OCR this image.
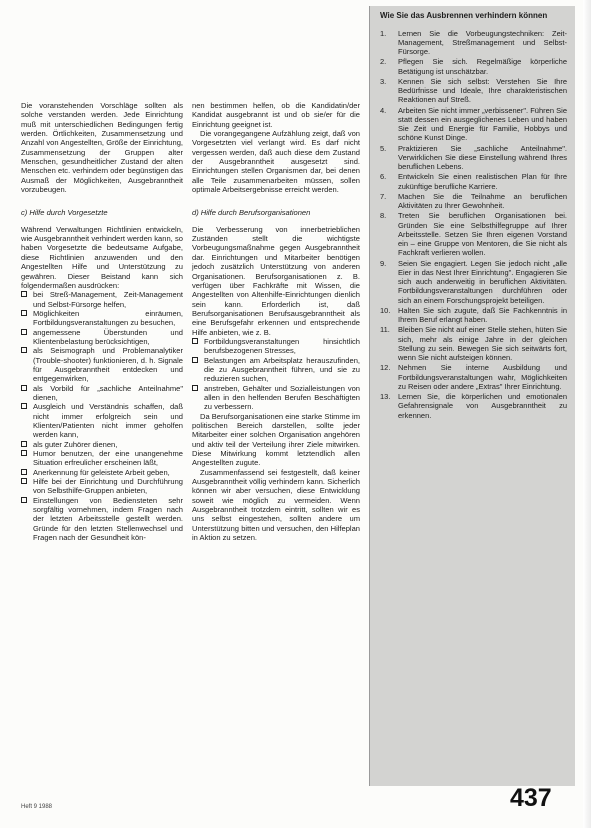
Die voranstehenden Vorschläge sollten als solche verstanden werden. Jede Einrichtung muß mit unterschiedlichen Bedingungen fertig werden. Örtlichkeiten, Zusammensetzung und Anzahl von Angestellten, Größe der Einrichtung, Zusammensetzung der Gruppen alter Menschen, gesundheitlicher Zustand der alten Menschen etc. verhindern oder begünstigen das Ausmaß der Möglichkeiten, Ausgebranntheit vorzubeugen.

c) Hilfe durch Vorgesetzte

Während Verwaltungen Richtlinien entwickeln, wie Ausgebranntheit verhindert werden kann, so haben Vorgesetzte die bedeutsame Aufgabe, diese Richtlinien anzuwenden und den Angestellten Hilfe und Unterstützung zu gewähren. Dieser Beistand kann sich folgendermaßen ausdrücken:

bei Streß-Management, Zeit-Management und Selbst-Fürsorge helfen,
Möglichkeiten einräumen, Fortbildungsveranstaltungen zu besuchen,
angemessene Überstunden und Klientenbelastung berücksichtigen,
als Seismograph und Problemanalytiker (Trouble-shooter) funktionieren, d. h. Signale für Ausgebranntheit entdecken und entgegenwirken,
als Vorbild für „sachliche Anteilnahme" dienen,
Ausgleich und Verständnis schaffen, daß nicht immer erfolgreich sein und Klienten/Patienten nicht immer geholfen werden kann,
als guter Zuhörer dienen,
Humor benutzen, der eine unangenehme Situation erfreulicher erscheinen läßt,
Anerkennung für geleistete Arbeit geben,
Hilfe bei der Einrichtung und Durchführung von Selbsthilfe-Gruppen anbieten,
Einstellungen von Bediensteten sehr sorgfältig vornehmen, indem Fragen nach der letzten Arbeitsstelle gestellt werden. Gründe für den letzten Stellenwechsel und Fragen nach der Gesundheit kön-

nen bestimmen helfen, ob die Kandidatin/der Kandidat ausgebrannt ist und ob sie/er für die Einrichtung geeignet ist.

Die vorangegangene Aufzählung zeigt, daß von Vorgesetzten viel verlangt wird. Es darf nicht vergessen werden, daß auch diese dem Zustand der Ausgebranntheit ausgesetzt sind. Einrichtungen stellen Organismen dar, bei denen alle Teile zusammenarbeiten müssen, sollen optimale Arbeitsergebnisse erreicht werden.

d) Hilfe durch Berufsorganisationen

Die Verbesserung von innerbetrieblichen Zuständen stellt die wichtigste Vorbeugungsmaßnahme gegen Ausgebranntheit dar. Einrichtungen und Mitarbeiter benötigen jedoch zusätzlich Unterstützung von anderen Organisationen. Berufsorganisationen z. B. verfügen über Fachkräfte mit Wissen, die Angestellten von Altenhilfe-Einrichtungen dienlich sein kann. Erforderlich ist, daß Berufsorganisationen Berufsausgebranntheit als eine Berufsgefahr erkennen und entsprechende Hilfe anbieten, wie z. B.

Fortbildungsveranstaltungen hinsichtlich berufsbezogenen Stresses,
Belastungen am Arbeitsplatz herauszufinden, die zu Ausgebranntheit führen, und sie zu reduzieren suchen,
anstreben, Gehälter und Sozialleistungen von allen in den helfenden Berufen Beschäftigten zu verbessern.

Da Berufsorganisationen eine starke Stimme im politischen Bereich darstellen, sollte jeder Mitarbeiter einer solchen Organisation angehören und aktiv teil der Verteilung ihrer Ziele mitwirken. Diese Mitwirkung kommt letztendlich allen Angestellten zugute.

Zusammenfassend sei festgestellt, daß keiner Ausgebranntheit völlig verhindern kann. Sicherlich können wir aber versuchen, diese Entwicklung soweit wie möglich zu vermeiden. Wenn Ausgebranntheit trotzdem eintritt, sollten wir es uns selbst eingestehen, sollten andere um Unterstützung bitten und versuchen, den Hilfeplan in Aktion zu setzen.

Wie Sie das Ausbrennen verhindern können
1. Lernen Sie die Vorbeugungstechniken: Zeit-Management, Streßmanagement und Selbst-Fürsorge.
2. Pflegen Sie sich. Regelmäßige körperliche Betätigung ist unschätzbar.
3. Kennen Sie sich selbst: Verstehen Sie Ihre Bedürfnisse und Ideale, Ihre charakteristischen Reaktionen auf Streß.
4. Arbeiten Sie nicht immer „verbissener". Führen Sie statt dessen ein ausgeglichenes Leben und haben Sie Zeit und Energie für Familie, Hobbys und schöne Kunst Dinge.
5. Praktizieren Sie „sachliche Anteilnahme". Verwirklichen Sie diese Einstellung während Ihres beruflichen Lebens.
6. Entwickeln Sie einen realistischen Plan für Ihre zukünftige berufliche Karriere.
7. Machen Sie die Teilnahme an beruflichen Aktivitäten zu Ihrer Gewohnheit.
8. Treten Sie beruflichen Organisationen bei. Gründen Sie eine Selbsthilfegruppe auf Ihrer Arbeitsstelle. Setzen Sie Ihren eigenen Vorstand ein – eine Gruppe von Mentoren, die Sie nicht als Fachkraft verlieren wollen.
9. Seien Sie engagiert. Legen Sie jedoch nicht „alle Eier in das Nest Ihrer Einrichtung". Engagieren Sie sich auch anderweitig in beruflichen Aktivitäten. Fortbildungsveranstaltungen durchführen oder sich an einem Forschungsprojekt beteiligen.
10. Halten Sie sich zugute, daß Sie Fachkenntnis in Ihrem Beruf erlangt haben.
11. Bleiben Sie nicht auf einer Stelle stehen, hüten Sie sich, mehr als einige Jahre in der gleichen Stellung zu sein. Bewegen Sie sich seitwärts fort, wenn Sie nicht aufsteigen können.
12. Nehmen Sie interne Ausbildung und Fortbildungsveranstaltungen wahr, Möglichkeiten zu Reisen oder andere „Extras" Ihrer Einrichtung.
13. Lernen Sie, die körperlichen und emotionalen Gefahrensignale von Ausgebranntheit zu erkennen.
Heft 9 1988	437
